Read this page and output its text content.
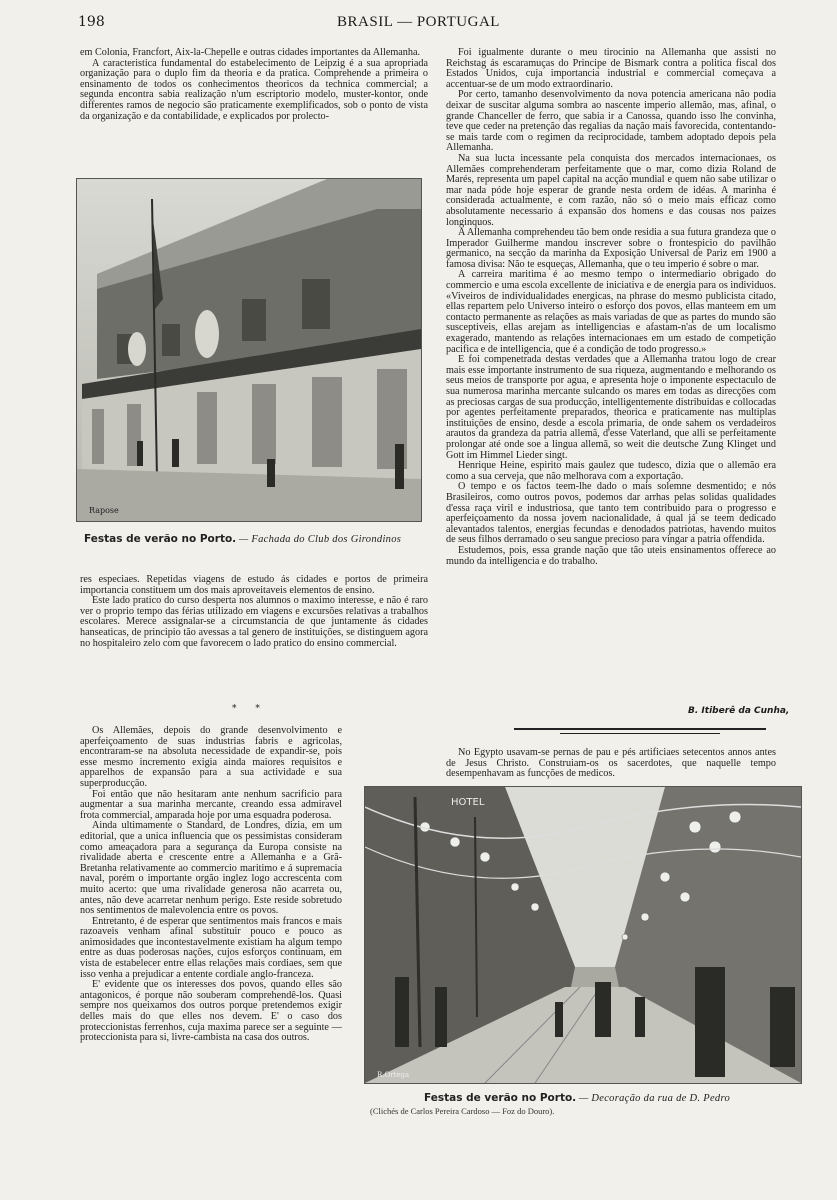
198	BRASIL — PORTUGAL

em Colonia, Francfort, Aix-la-Chepelle e outras cidades importantes da Allemanha.

A caracteristica fundamental do estabelecimento de Leipzig é a sua apropriada organização para o duplo fim da theoria e da pratica. Comprehende a primeira o ensinamento de todos os conhecimentos theoricos da technica commercial; a segunda encontra sabia realização n'um escriptorio modelo, muster-kontor, onde differentes ramos de negocio são praticamente exemplificados, sob o ponto de vista da organização e da contabilidade, e explicados por prolecto-

Rapose
Festas de verão no Porto. — Fachada do Club dos Girondinos

res especiaes. Repetidas viagens de estudo ás cidades e portos de primeira importancia constituem um dos mais aproveitaveis elementos de ensino.

Este lado pratico do curso desperta nos alumnos o maximo interesse, e não é raro ver o proprio tempo das férias utilizado em viagens e excursões relativas a trabalhos escolares. Merece assignalar-se a circumstancia de que juntamente ás cidades hanseaticas, de principio tão avessas a tal genero de instituições, se distinguem agora no hospitaleiro zelo com que favorecem o lado pratico do ensino commercial.

* *

Os Allemães, depois do grande desenvolvimento e aperfeiçoamento de suas industrias fabris e agricolas, encontraram-se na absoluta necessidade de expandir-se, pois esse mesmo incremento exigia ainda maiores requisitos e apparelhos de expansão para a sua actividade e sua superproducção.

Foi então que não hesitaram ante nenhum sacrificio para augmentar a sua marinha mercante, creando essa admiravel frota commercial, amparada hoje por uma esquadra poderosa.

Ainda ultimamente o Standard, de Londres, dizia, em um editorial, que a unica influencia que os pessimistas consideram como ameaçadora para a segurança da Europa consiste na rivalidade aberta e crescente entre a Allemanha e a Grã-Bretanha relativamente ao commercio maritimo e á supremacia naval, porém o importante orgão inglez logo accrescenta com muito acerto: que uma rivalidade generosa não acarreta ou, antes, não deve acarretar nenhum perigo. Este reside sobretudo nos sentimentos de malevolencia entre os povos.

Entretanto, é de esperar que sentimentos mais francos e mais razoaveis venham afinal substituir pouco e pouco as animosidades que incontestavelmente existiam ha algum tempo entre as duas poderosas nações, cujos esforços continuam, em vista de estabelecer entre ellas relações mais cordiaes, sem que isso venha a prejudicar a entente cordiale anglo-franceza.

E' evidente que os interesses dos povos, quando elles são antagonicos, é porque não souberam comprehendê-los. Quasi sempre nos queixamos dos outros porque pretendemos exigir delles mais do que elles nos devem. E' o caso dos proteccionistas ferrenhos, cuja maxima parece ser a seguinte — proteccionista para si, livre-cambista na casa dos outros.

Foi igualmente durante o meu tirocinio na Allemanha que assisti no Reichstag ás escaramuças do Principe de Bismark contra a politica fiscal dos Estados Unidos, cuja importancia industrial e commercial começava a accentuar-se de um modo extraordinario.

Por certo, tamanho desenvolvimento da nova potencia americana não podia deixar de suscitar alguma sombra ao nascente imperio allemão, mas, afinal, o grande Chanceller de ferro, que sabia ir a Canossa, quando isso lhe convinha, teve que ceder na pretenção das regalias da nação mais favorecida, contentando-se mais tarde com o regimen da reciprocidade, tambem adoptado depois pela Allemanha.

Na sua lucta incessante pela conquista dos mercados internacionaes, os Allemães comprehenderam perfeitamente que o mar, como dizia Roland de Marés, representa um papel capital na acção mundial e quem não sabe utilizar o mar nada póde hoje esperar de grande nesta ordem de idéas. A marinha é considerada actualmente, e com razão, não só o meio mais efficaz como absolutamente necessario á expansão dos homens e das cousas nos paizes longinquos.

A Allemanha comprehendeu tão bem onde residia a sua futura grandeza que o Imperador Guilherme mandou inscrever sobre o frontespicio do pavilhão germanico, na secção da marinha da Exposição Universal de Pariz em 1900 a famosa divisa: Não te esqueças, Allemanha, que o teu imperio é sobre o mar.

A carreira maritima é ao mesmo tempo o intermediario obrigado do commercio e uma escola excellente de iniciativa e de energia para os individuos. «Viveiros de individualidades energicas, na phrase do mesmo publicista citado, ellas repartem pelo Universo inteiro o esforço dos povos, ellas manteem em um contacto permanente as relações as mais variadas de que as partes do mundo são susceptiveis, ellas arejam as intelligencias e afastam-n'as de um localismo exagerado, mantendo as relações internacionaes em um estado de competição pacifica e de intelligencia, que é a condição de todo progresso.»

E foi compenetrada destas verdades que a Allemanha tratou logo de crear mais esse importante instrumento de sua riqueza, augmentando e melhorando os seus meios de transporte por agua, e apresenta hoje o imponente espectaculo de sua numerosa marinha mercante sulcando os mares em todas as direcções com as preciosas cargas de sua producção, intelligentemente distribuidas e collocadas por agentes perfeitamente preparados, theorica e praticamente nas multiplas instituições de ensino, desde a escola primaria, de onde sahem os verdadeiros arautos da grandeza da patria allemã, d'esse Vaterland, que alli se perfeitamente prolongar até onde soe a lingua allemã, so weit die deutsche Zung Klinget und Gott im Himmel Lieder singt.

Henrique Heine, espirito mais gaulez que tudesco, dizia que o allemão era como a sua cerveja, que não melhorava com a exportação.

O tempo e os factos teem-lhe dado o mais solemne desmentido; e nós Brasileiros, como outros povos, podemos dar arrhas pelas solidas qualidades d'essa raça viril e industriosa, que tanto tem contribuido para o progresso e aperfeiçoamento da nossa jovem nacionalidade, á qual já se teem dedicado alevantados talentos, energias fecundas e denodados patriotas, havendo muitos de seus filhos derramado o seu sangue precioso para vingar a patria offendida.

Estudemos, pois, essa grande nação que tão uteis ensinamentos offerece ao mundo da intelligencia e do trabalho.

B. Itiberê da Cunha,

No Egypto usavam-se pernas de pau e pés artificiaes setecentos annos antes de Jesus Christo. Construiam-os os sacerdotes, que naquelle tempo desempenhavam as funcções de medicos.

HOTEL
R.Ortega
Festas de verão no Porto. — Decoração da rua de D. Pedro
(Clichés de Carlos Pereira Cardoso — Foz do Douro).
